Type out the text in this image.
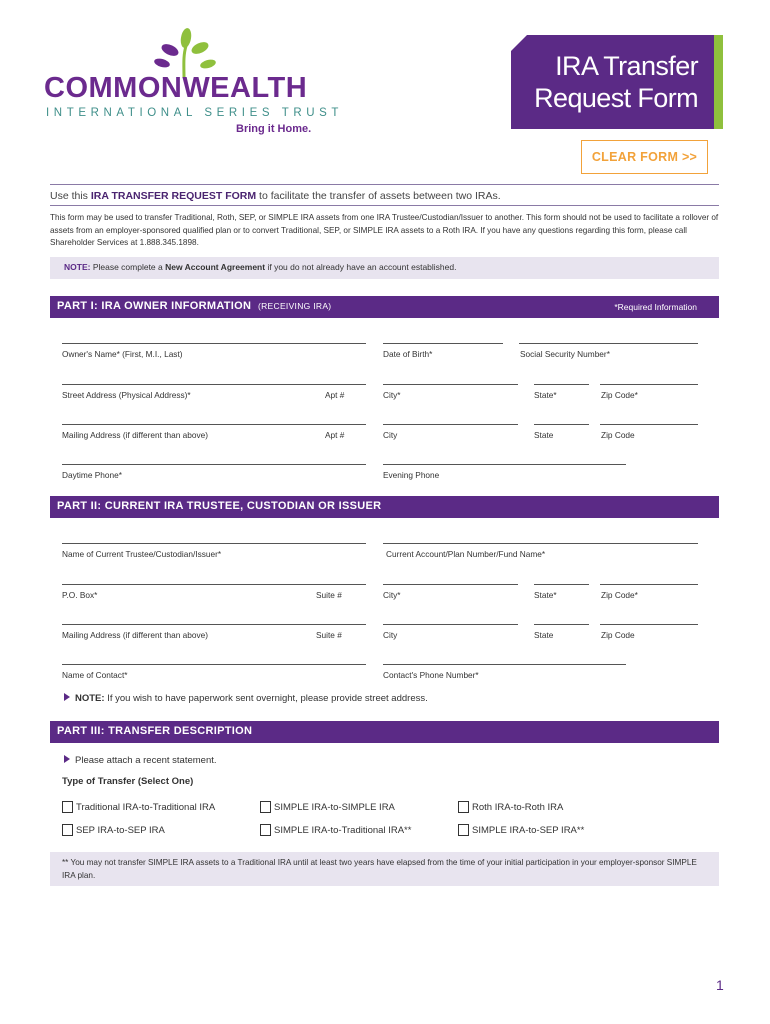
COMMONWEALTH
INTERNATIONAL SERIES TRUST
Bring it Home.
IRA Transfer
Request Form
CLEAR FORM >>
Use this IRA TRANSFER REQUEST FORM to facilitate the transfer of assets between two IRAs.
This form may be used to transfer Traditional, Roth, SEP, or SIMPLE IRA assets from one IRA Trustee/Custodian/Issuer to another. This form should not be used to facilitate a rollover of assets from an employer-sponsored qualified plan or to convert Traditional, SEP, or SIMPLE IRA assets to a Roth IRA. If you have any questions regarding this form, please call Shareholder Services at 1.888.345.1898.
NOTE: Please complete a New Account Agreement if you do not already have an account established.
PART I: IRA OWNER INFORMATION (RECEIVING IRA)	*Required Information
Owner's Name* (First, M.I., Last)	Date of Birth*	Social Security Number*
Street Address (Physical Address)*	Apt #	City*	State*	Zip Code*
Mailing Address (if different than above)	Apt #	City	State	Zip Code
Daytime Phone*	Evening Phone
PART II: CURRENT IRA TRUSTEE, CUSTODIAN OR ISSUER
Name of Current Trustee/Custodian/Issuer*	Current Account/Plan Number/Fund Name*
P.O. Box*	Suite #	City*	State*	Zip Code*
Mailing Address (if different than above)	Suite #	City	State	Zip Code
Name of Contact*	Contact's Phone Number*
NOTE: If you wish to have paperwork sent overnight, please provide street address.
PART III: TRANSFER DESCRIPTION
Please attach a recent statement.
Type of Transfer (Select One)
Traditional IRA-to-Traditional IRA	SIMPLE IRA-to-SIMPLE IRA	Roth IRA-to-Roth IRA
SEP IRA-to-SEP IRA	SIMPLE IRA-to-Traditional IRA**	SIMPLE IRA-to-SEP IRA**
** You may not transfer SIMPLE IRA assets to a Traditional IRA until at least two years have elapsed from the time of your initial participation in your employer-sponsor SIMPLE IRA plan.
1
